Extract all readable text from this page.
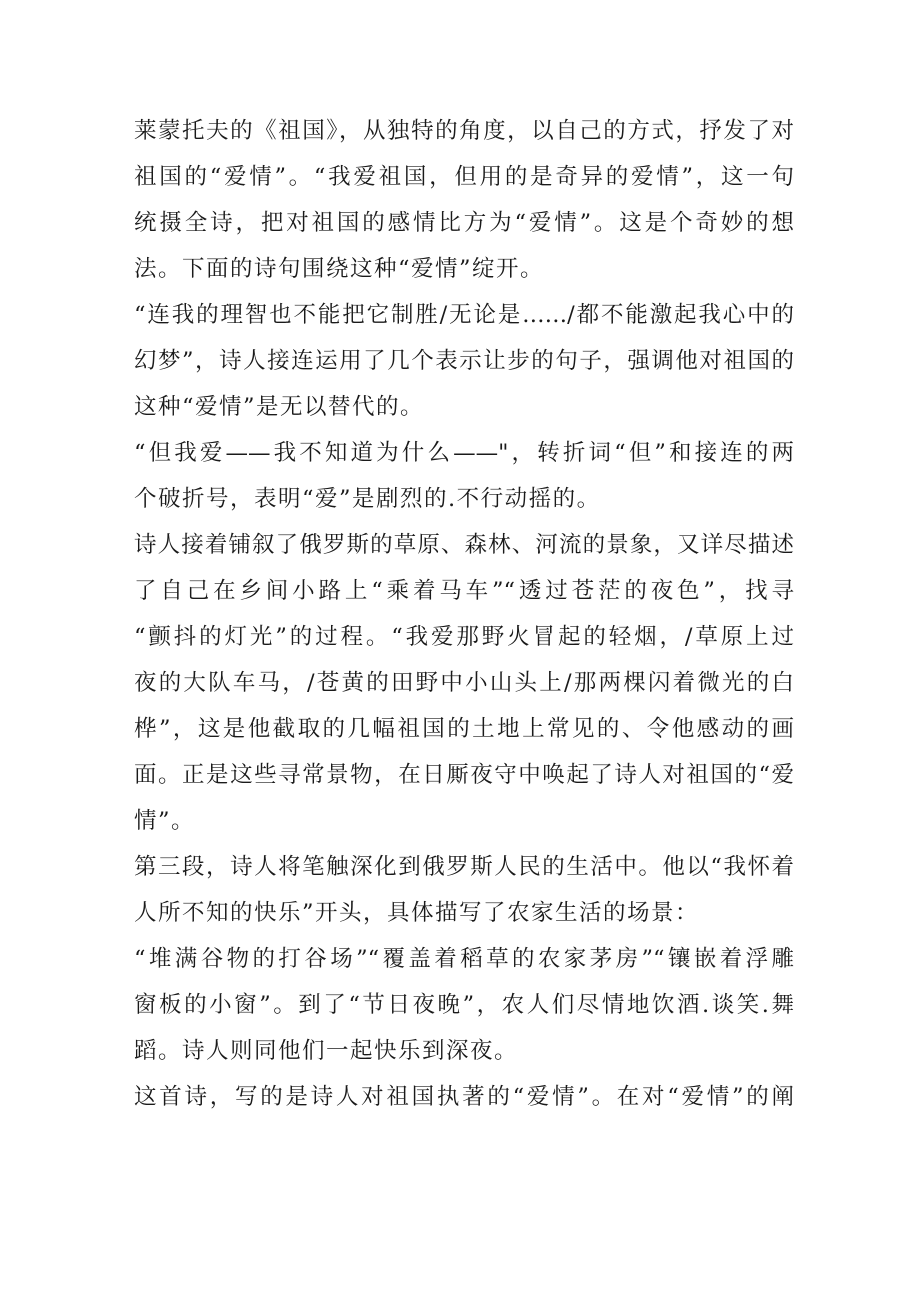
莱蒙托夫的《祖国》，从独特的角度，以自己的方式，抒发了对
祖国的“爱情”。“我爱祖国，但用的是奇异的爱情”，这一句
统摄全诗，把对祖国的感情比方为“爱情”。这是个奇妙的想
法。下面的诗句围绕这种“爱情”绽开。
“连我的理智也不能把它制胜/无论是……/都不能激起我心中的
幻梦”，诗人接连运用了几个表示让步的句子，强调他对祖国的
这种“爱情”是无以替代的。
“但我爱——我不知道为什么——"，转折词“但”和接连的两
个破折号，表明“爱”是剧烈的.不行动摇的。
诗人接着铺叙了俄罗斯的草原、森林、河流的景象，又详尽描述
了自己在乡间小路上“乘着马车”“透过苍茫的夜色”，找寻
“颤抖的灯光”的过程。“我爱那野火冒起的轻烟，/草原上过
夜的大队车马，/苍黄的田野中小山头上/那两棵闪着微光的白
桦”，这是他截取的几幅祖国的土地上常见的、令他感动的画
面。正是这些寻常景物，在日厮夜守中唤起了诗人对祖国的“爱
情”。
第三段，诗人将笔触深化到俄罗斯人民的生活中。他以“我怀着
人所不知的快乐”开头，具体描写了农家生活的场景：
“堆满谷物的打谷场”“覆盖着稻草的农家茅房”“镶嵌着浮雕
窗板的小窗”。到了“节日夜晚”，农人们尽情地饮酒.谈笑.舞
蹈。诗人则同他们一起快乐到深夜。
这首诗，写的是诗人对祖国执著的“爱情”。在对“爱情”的阐
